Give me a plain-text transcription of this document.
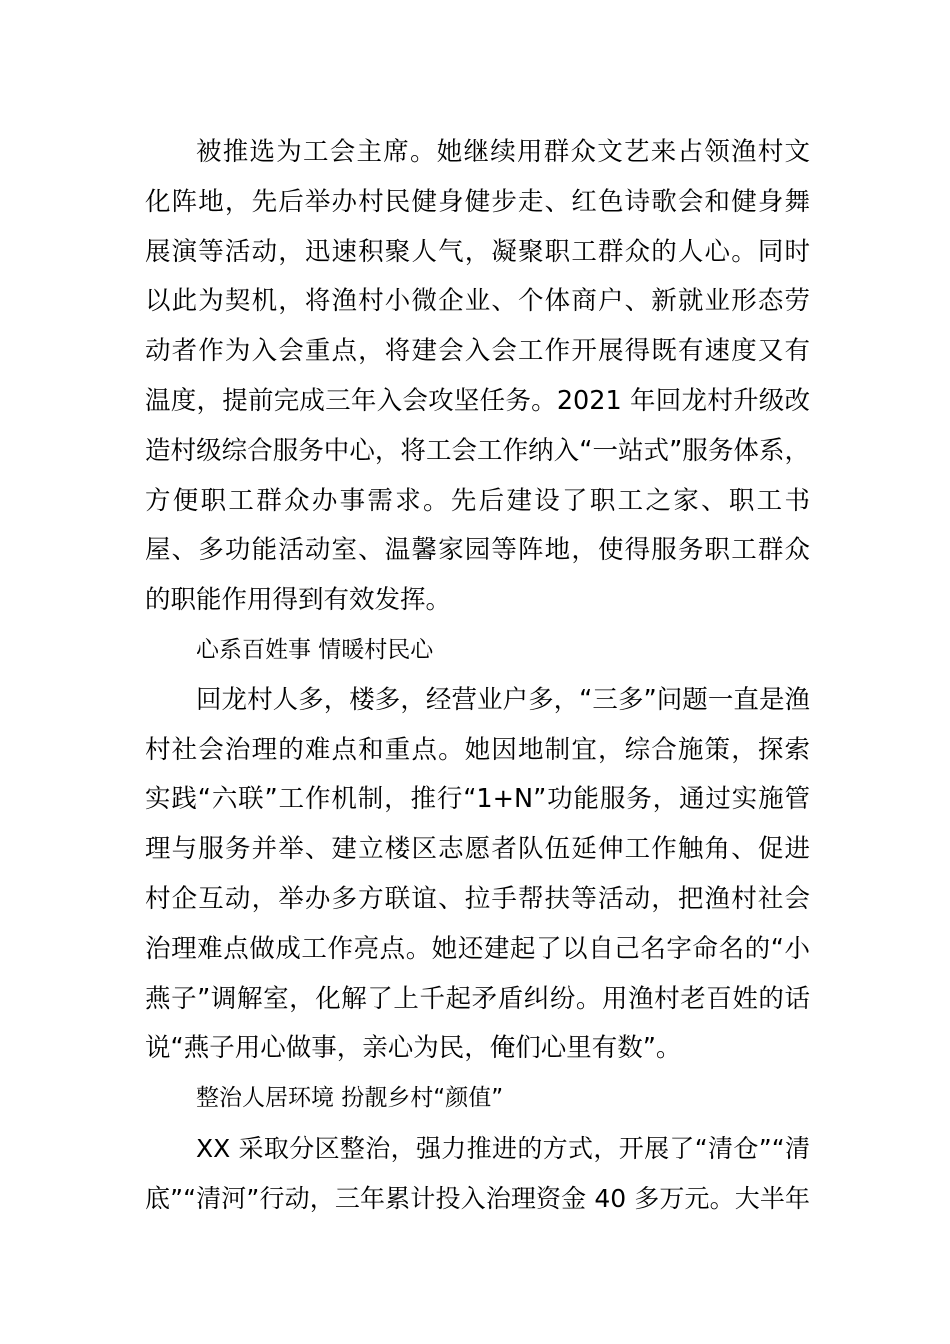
被推选为工会主席。她继续用群众文艺来占领渔村文
化阵地，先后举办村民健身健步走、红色诗歌会和健身舞
展演等活动，迅速积聚人气，凝聚职工群众的人心。同时
以此为契机，将渔村小微企业、个体商户、新就业形态劳
动者作为入会重点，将建会入会工作开展得既有速度又有
温度，提前完成三年入会攻坚任务。2021 年回龙村升级改
造村级综合服务中心，将工会工作纳入“一站式”服务体系，
方便职工群众办事需求。先后建设了职工之家、职工书
屋、多功能活动室、温馨家园等阵地，使得服务职工群众
的职能作用得到有效发挥。
心系百姓事 情暖村民心
回龙村人多，楼多，经营业户多，“三多”问题一直是渔
村社会治理的难点和重点。她因地制宜，综合施策，探索
实践“六联”工作机制，推行“1+N”功能服务，通过实施管
理与服务并举、建立楼区志愿者队伍延伸工作触角、促进
村企互动，举办多方联谊、拉手帮扶等活动，把渔村社会
治理难点做成工作亮点。她还建起了以自己名字命名的“小
燕子”调解室，化解了上千起矛盾纠纷。用渔村老百姓的话
说“燕子用心做事，亲心为民，俺们心里有数”。
整治人居环境 扮靓乡村“颜值”
XX 采取分区整治，强力推进的方式，开展了“清仓”“清
底”“清河”行动，三年累计投入治理资金 40 多万元。大半年
